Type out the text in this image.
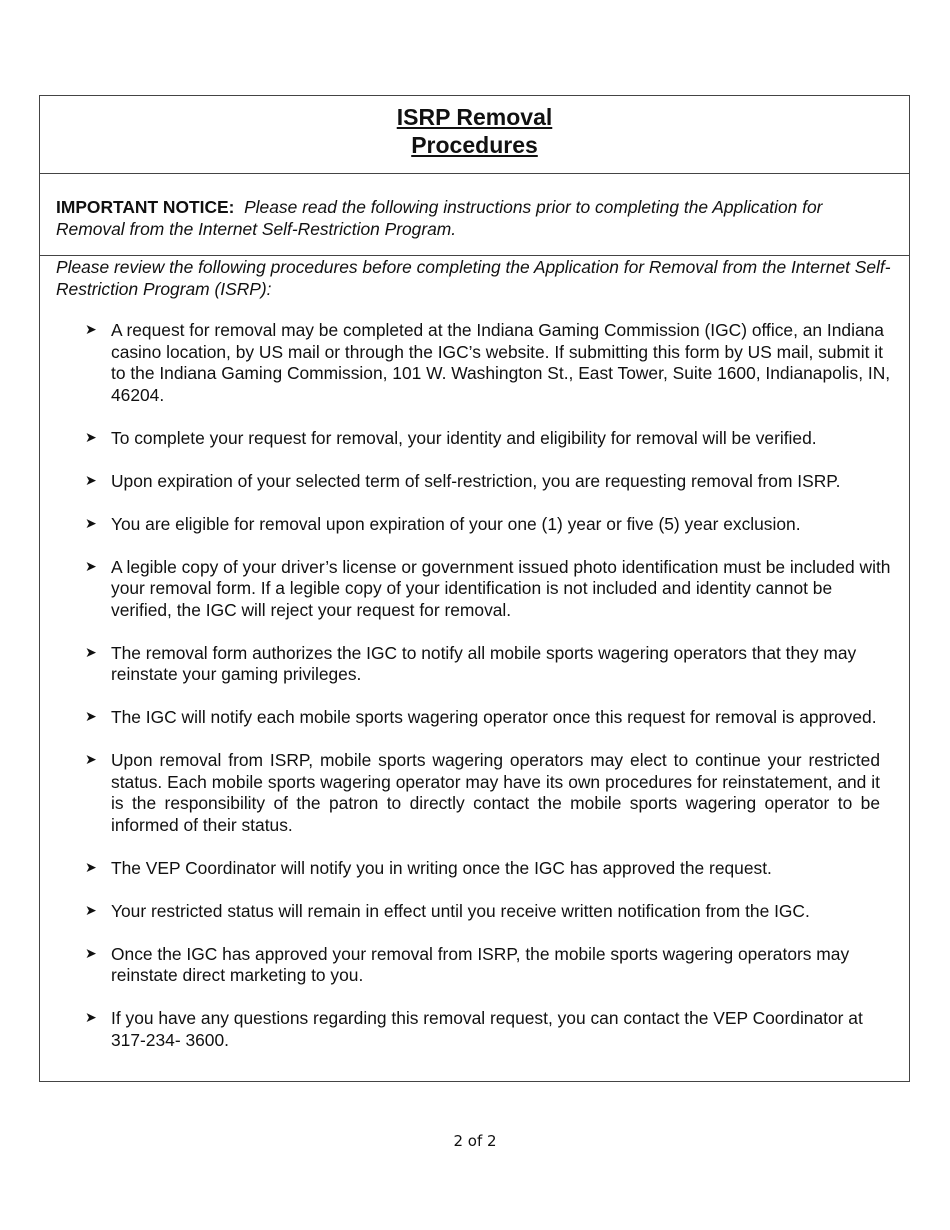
ISRP Removal
Procedures
IMPORTANT NOTICE: Please read the following instructions prior to completing the Application for Removal from the Internet Self-Restriction Program.

Please review the following procedures before completing the Application for Removal from the Internet Self-Restriction Program (ISRP):

➤ A request for removal may be completed at the Indiana Gaming Commission (IGC) office, an Indiana casino location, by US mail or through the IGC’s website. If submitting this form by US mail, submit it to the Indiana Gaming Commission, 101 W. Washington St., East Tower, Suite 1600, Indianapolis, IN, 46204.
➤ To complete your request for removal, your identity and eligibility for removal will be verified.
➤ Upon expiration of your selected term of self-restriction, you are requesting removal from ISRP.
➤ You are eligible for removal upon expiration of your one (1) year or five (5) year exclusion.
➤ A legible copy of your driver’s license or government issued photo identification must be included with your removal form. If a legible copy of your identification is not included and identity cannot be verified, the IGC will reject your request for removal.
➤ The removal form authorizes the IGC to notify all mobile sports wagering operators that they may reinstate your gaming privileges.
➤ The IGC will notify each mobile sports wagering operator once this request for removal is approved.
➤ Upon removal from ISRP, mobile sports wagering operators may elect to continue your restricted status. Each mobile sports wagering operator may have its own procedures for reinstatement, and it is the responsibility of the patron to directly contact the mobile sports wagering operator to be informed of their status.
➤ The VEP Coordinator will notify you in writing once the IGC has approved the request.
➤ Your restricted status will remain in effect until you receive written notification from the IGC.
➤ Once the IGC has approved your removal from ISRP, the mobile sports wagering operators may reinstate direct marketing to you.
➤ If you have any questions regarding this removal request, you can contact the VEP Coordinator at 317-234- 3600.
2 of 2
